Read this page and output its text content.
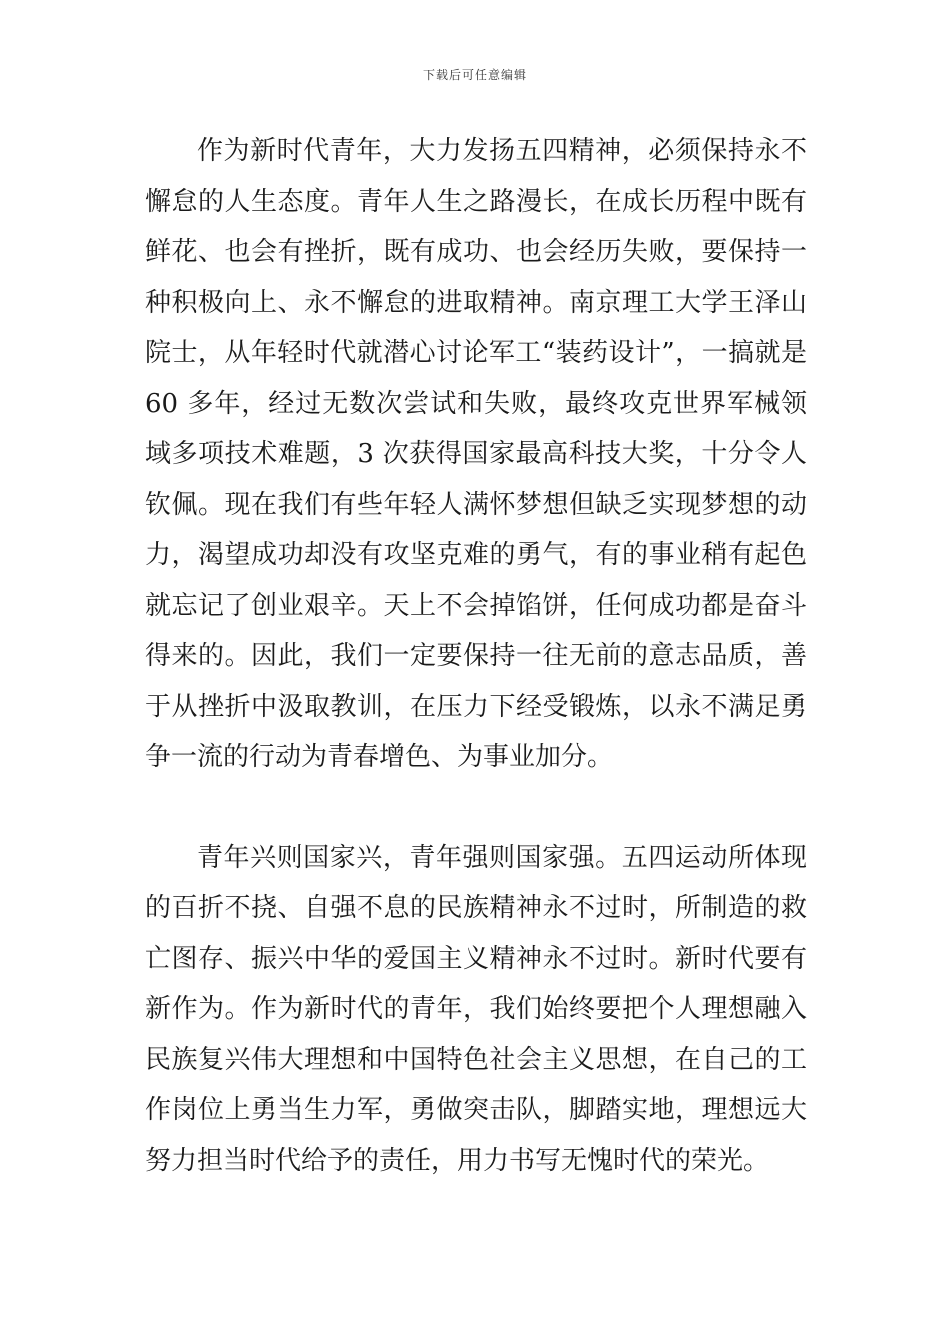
下载后可任意编辑

作为新时代青年，大力发扬五四精神，必须保持永不懈怠的人生态度。青年人生之路漫长，在成长历程中既有鲜花、也会有挫折，既有成功、也会经历失败，要保持一种积极向上、永不懈怠的进取精神。南京理工大学王泽山院士，从年轻时代就潜心讨论军工“装药设计”，一搞就是 60 多年，经过无数次尝试和失败，最终攻克世界军械领域多项技术难题，3 次获得国家最高科技大奖，十分令人钦佩。现在我们有些年轻人满怀梦想但缺乏实现梦想的动力，渴望成功却没有攻坚克难的勇气，有的事业稍有起色就忘记了创业艰辛。天上不会掉馅饼，任何成功都是奋斗得来的。因此，我们一定要保持一往无前的意志品质，善于从挫折中汲取教训，在压力下经受锻炼，以永不满足勇争一流的行动为青春增色、为事业加分。

青年兴则国家兴，青年强则国家强。五四运动所体现的百折不挠、自强不息的民族精神永不过时，所制造的救亡图存、振兴中华的爱国主义精神永不过时。新时代要有新作为。作为新时代的青年，我们始终要把个人理想融入民族复兴伟大理想和中国特色社会主义思想，在自己的工作岗位上勇当生力军，勇做突击队，脚踏实地，理想远大努力担当时代给予的责任，用力书写无愧时代的荣光。
